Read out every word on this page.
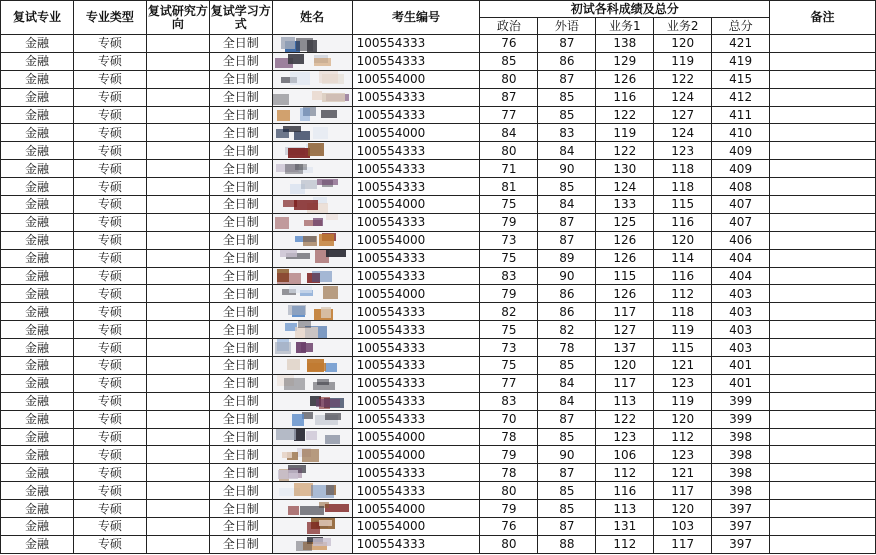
复试专业	专业类型	复试研究方向	复试学习方式	姓名	考生编号	初试各科成绩及总分					备注
						政治	外语	业务1	业务2	总分	
金融	专硕		全日制		100554333	76	87	138	120	421	
金融	专硕		全日制		100554333	85	86	129	119	419	
金融	专硕		全日制		100554000	80	87	126	122	415	
金融	专硕		全日制		100554333	87	85	116	124	412	
金融	专硕		全日制		100554333	77	85	122	127	411	
金融	专硕		全日制		100554000	84	83	119	124	410	
金融	专硕		全日制		100554333	80	84	122	123	409	
金融	专硕		全日制		100554333	71	90	130	118	409	
金融	专硕		全日制		100554333	81	85	124	118	408	
金融	专硕		全日制		100554000	75	84	133	115	407	
金融	专硕		全日制		100554333	79	87	125	116	407	
金融	专硕		全日制		100554000	73	87	126	120	406	
金融	专硕		全日制		100554333	75	89	126	114	404	
金融	专硕		全日制		100554333	83	90	115	116	404	
金融	专硕		全日制		100554000	79	86	126	112	403	
金融	专硕		全日制		100554333	82	86	117	118	403	
金融	专硕		全日制		100554333	75	82	127	119	403	
金融	专硕		全日制		100554333	73	78	137	115	403	
金融	专硕		全日制		100554333	75	85	120	121	401	
金融	专硕		全日制		100554333	77	84	117	123	401	
金融	专硕		全日制		100554333	83	84	113	119	399	
金融	专硕		全日制		100554333	70	87	122	120	399	
金融	专硕		全日制		100554000	78	85	123	112	398	
金融	专硕		全日制		100554000	79	90	106	123	398	
金融	专硕		全日制		100554333	78	87	112	121	398	
金融	专硕		全日制		100554333	80	85	116	117	398	
金融	专硕		全日制		100554000	79	85	113	120	397	
金融	专硕		全日制		100554000	76	87	131	103	397	
金融	专硕		全日制		100554333	80	88	112	117	397	
